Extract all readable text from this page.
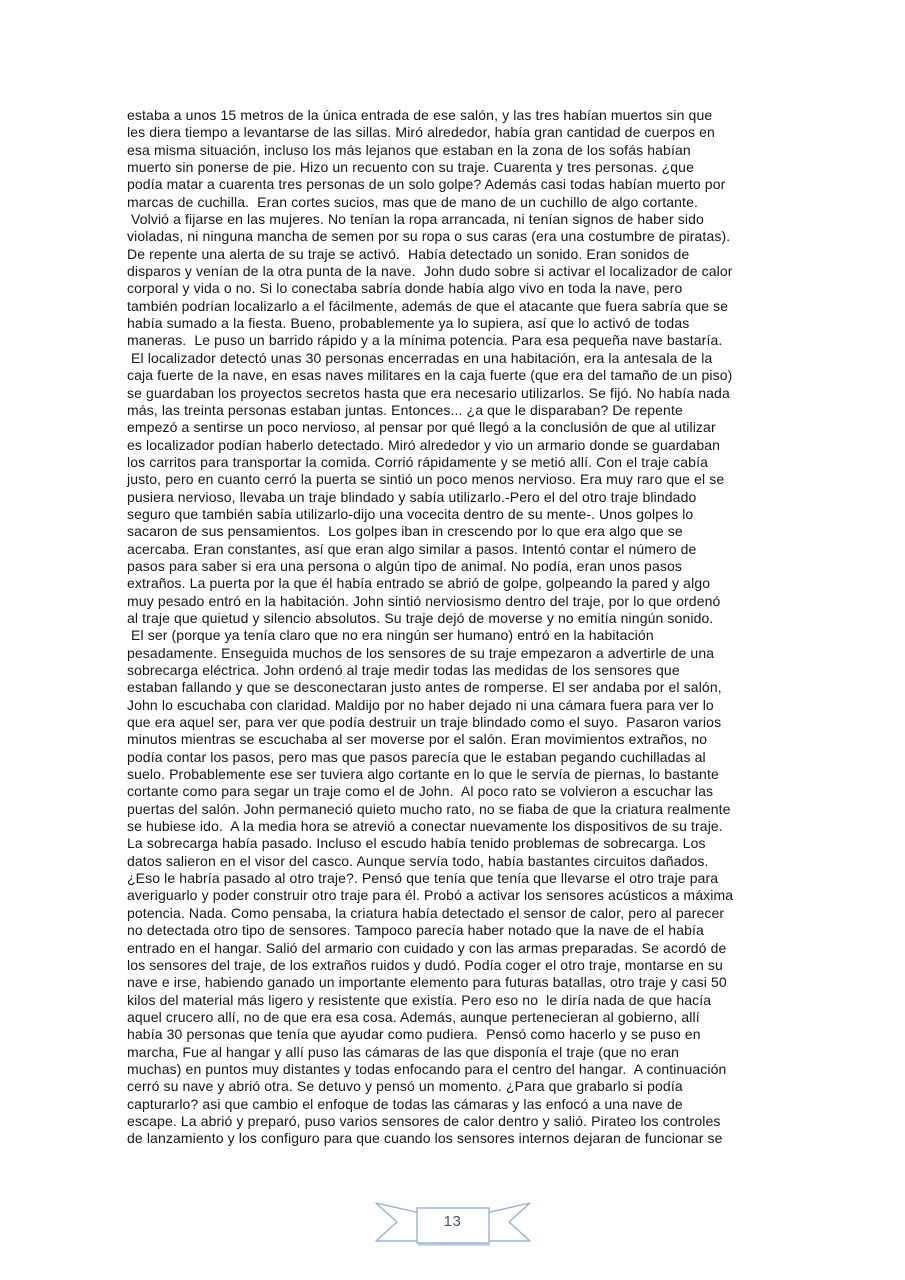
estaba a unos 15 metros de la única entrada de ese salón, y las tres habían muertos sin que
les diera tiempo a levantarse de las sillas. Miró alrededor, había gran cantidad de cuerpos en
esa misma situación, incluso los más lejanos que estaban en la zona de los sofás habían
muerto sin ponerse de pie. Hizo un recuento con su traje. Cuarenta y tres personas. ¿que
podía matar a cuarenta tres personas de un solo golpe? Además casi todas habían muerto por
marcas de cuchilla.  Eran cortes sucios, mas que de mano de un cuchillo de algo cortante.
Volvió a fijarse en las mujeres. No tenían la ropa arrancada, ni tenían signos de haber sido
violadas, ni ninguna mancha de semen por su ropa o sus caras (era una costumbre de piratas).
De repente una alerta de su traje se activó.  Había detectado un sonido. Eran sonidos de
disparos y venían de la otra punta de la nave.  John dudo sobre si activar el localizador de calor
corporal y vida o no. Si lo conectaba sabría donde había algo vivo en toda la nave, pero
también podrían localizarlo a el fácilmente, además de que el atacante que fuera sabría que se
había sumado a la fiesta. Bueno, probablemente ya lo supiera, así que lo activó de todas
maneras.  Le puso un barrido rápido y a la mínima potencia. Para esa pequeña nave bastaría.
El localizador detectó unas 30 personas encerradas en una habitación, era la antesala de la
caja fuerte de la nave, en esas naves militares en la caja fuerte (que era del tamaño de un piso)
se guardaban los proyectos secretos hasta que era necesario utilizarlos. Se fijó. No había nada
más, las treinta personas estaban juntas. Entonces... ¿a que le disparaban? De repente
empezó a sentirse un poco nervioso, al pensar por qué llegó a la conclusión de que al utilizar
es localizador podían haberlo detectado. Miró alrededor y vio un armario donde se guardaban
los carritos para transportar la comida. Corrió rápidamente y se metió allí. Con el traje cabía
justo, pero en cuanto cerró la puerta se sintió un poco menos nervioso. Era muy raro que el se
pusiera nervioso, llevaba un traje blindado y sabía utilizarlo.-Pero el del otro traje blindado
seguro que también sabía utilizarlo-dijo una vocecita dentro de su mente-. Unos golpes lo
sacaron de sus pensamientos.  Los golpes iban in crescendo por lo que era algo que se
acercaba. Eran constantes, así que eran algo similar a pasos. Intentó contar el número de
pasos para saber si era una persona o algún tipo de animal. No podía, eran unos pasos
extraños. La puerta por la que él había entrado se abrió de golpe, golpeando la pared y algo
muy pesado entró en la habitación. John sintió nerviosismo dentro del traje, por lo que ordenó
al traje que quietud y silencio absolutos. Su traje dejó de moverse y no emitía ningún sonido.
El ser (porque ya tenía claro que no era ningún ser humano) entró en la habitación
pesadamente. Enseguida muchos de los sensores de su traje empezaron a advertirle de una
sobrecarga eléctrica. John ordenó al traje medir todas las medidas de los sensores que
estaban fallando y que se desconectaran justo antes de romperse. El ser andaba por el salón,
John lo escuchaba con claridad. Maldijo por no haber dejado ni una cámara fuera para ver lo
que era aquel ser, para ver que podía destruir un traje blindado como el suyo.  Pasaron varios
minutos mientras se escuchaba al ser moverse por el salón. Eran movimientos extraños, no
podía contar los pasos, pero mas que pasos parecía que le estaban pegando cuchilladas al
suelo. Probablemente ese ser tuviera algo cortante en lo que le servía de piernas, lo bastante
cortante como para segar un traje como el de John.  Al poco rato se volvieron a escuchar las
puertas del salón. John permaneció quieto mucho rato, no se fiaba de que la criatura realmente
se hubiese ido.  A la media hora se atrevió a conectar nuevamente los dispositivos de su traje.
La sobrecarga había pasado. Incluso el escudo había tenido problemas de sobrecarga. Los
datos salieron en el visor del casco. Aunque servía todo, había bastantes circuitos dañados.
¿Eso le habría pasado al otro traje?. Pensó que tenía que tenía que llevarse el otro traje para
averiguarlo y poder construir otro traje para él. Probó a activar los sensores acústicos a máxima
potencia. Nada. Como pensaba, la criatura había detectado el sensor de calor, pero al parecer
no detectada otro tipo de sensores. Tampoco parecía haber notado que la nave de el había
entrado en el hangar. Salió del armario con cuidado y con las armas preparadas. Se acordó de
los sensores del traje, de los extraños ruidos y dudó. Podía coger el otro traje, montarse en su
nave e irse, habiendo ganado un importante elemento para futuras batallas, otro traje y casi 50
kilos del material más ligero y resistente que existía. Pero eso no  le diría nada de que hacía
aquel crucero allí, no de que era esa cosa. Además, aunque pertenecieran al gobierno, allí
había 30 personas que tenía que ayudar como pudiera.  Pensó como hacerlo y se puso en
marcha, Fue al hangar y allí puso las cámaras de las que disponía el traje (que no eran
muchas) en puntos muy distantes y todas enfocando para el centro del hangar.  A continuación
cerró su nave y abrió otra. Se detuvo y pensó un momento. ¿Para que grabarlo si podía
capturarlo? asi que cambio el enfoque de todas las cámaras y las enfocó a una nave de
escape. La abrió y preparó, puso varios sensores de calor dentro y salió. Pirateo los controles
de lanzamiento y los configuro para que cuando los sensores internos dejaran de funcionar se
13
